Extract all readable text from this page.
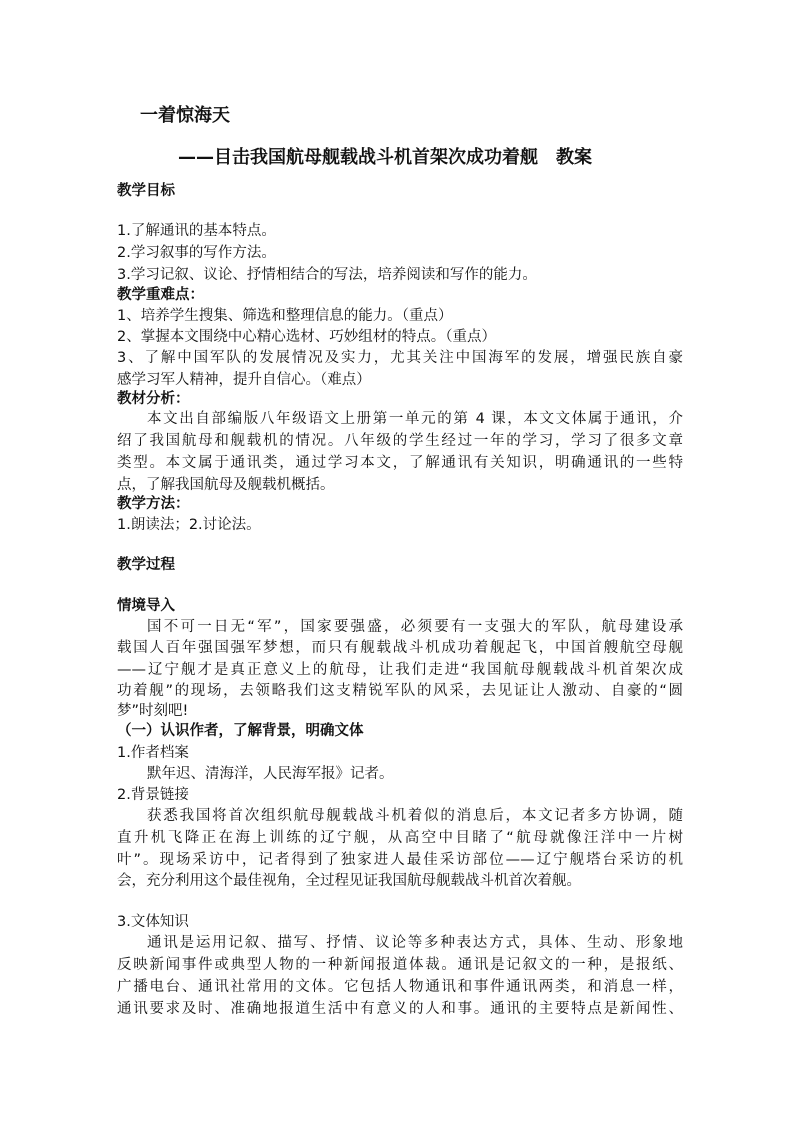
一着惊海天
——目击我国航母舰载战斗机首架次成功着舰　教案
教学目标
1.了解通讯的基本特点。
2.学习叙事的写作方法。
3.学习记叙、议论、抒情相结合的写法，培养阅读和写作的能力。
教学重难点：
1、培养学生搜集、筛选和整理信息的能力。（重点）
2、掌握本文围绕中心精心选材、巧妙组材的特点。（重点）
3、了解中国军队的发展情况及实力，尤其关注中国海军的发展，增强民族自豪
感学习军人精神，提升自信心。（难点）
教材分析：
本文出自部编版八年级语文上册第一单元的第 4 课，本文文体属于通讯，介
绍了我国航母和舰载机的情况。八年级的学生经过一年的学习，学习了很多文章
类型。本文属于通讯类，通过学习本文，了解通讯有关知识，明确通讯的一些特
点，了解我国航母及舰载机概括。
教学方法：
1.朗读法；2.讨论法。
教学过程
情境导入
国不可一日无“军”，国家要强盛，必须要有一支强大的军队，航母建设承
载国人百年强国强军梦想，而只有舰载战斗机成功着舰起飞，中国首艘航空母舰
——辽宁舰才是真正意义上的航母，让我们走进“我国航母舰载战斗机首架次成
功着舰”的现场，去领略我们这支精锐军队的风采，去见证让人激动、自豪的“圆
梦”时刻吧!
（一）认识作者，了解背景，明确文体
1.作者档案
默年迟、清海洋，人民海军报》记者。
2.背景链接
获悉我国将首次组织航母舰载战斗机着似的消息后，本文记者多方协调，随
直升机飞降正在海上训练的辽宁舰，从高空中目睹了“航母就像汪洋中一片树
叶”。现场采访中，记者得到了独家进人最佳采访部位——辽宁舰塔台采访的机
会，充分利用这个最佳视角，全过程见证我国航母舰载战斗机首次着舰。
3.文体知识
通讯是运用记叙、描写、抒情、议论等多种表达方式，具体、生动、形象地
反映新闻事件或典型人物的一种新闻报道体裁。通讯是记叙文的一种，是报纸、
广播电台、通讯社常用的文体。它包括人物通讯和事件通讯两类，和消息一样，
通讯要求及时、准确地报道生活中有意义的人和事。通讯的主要特点是新闻性、
